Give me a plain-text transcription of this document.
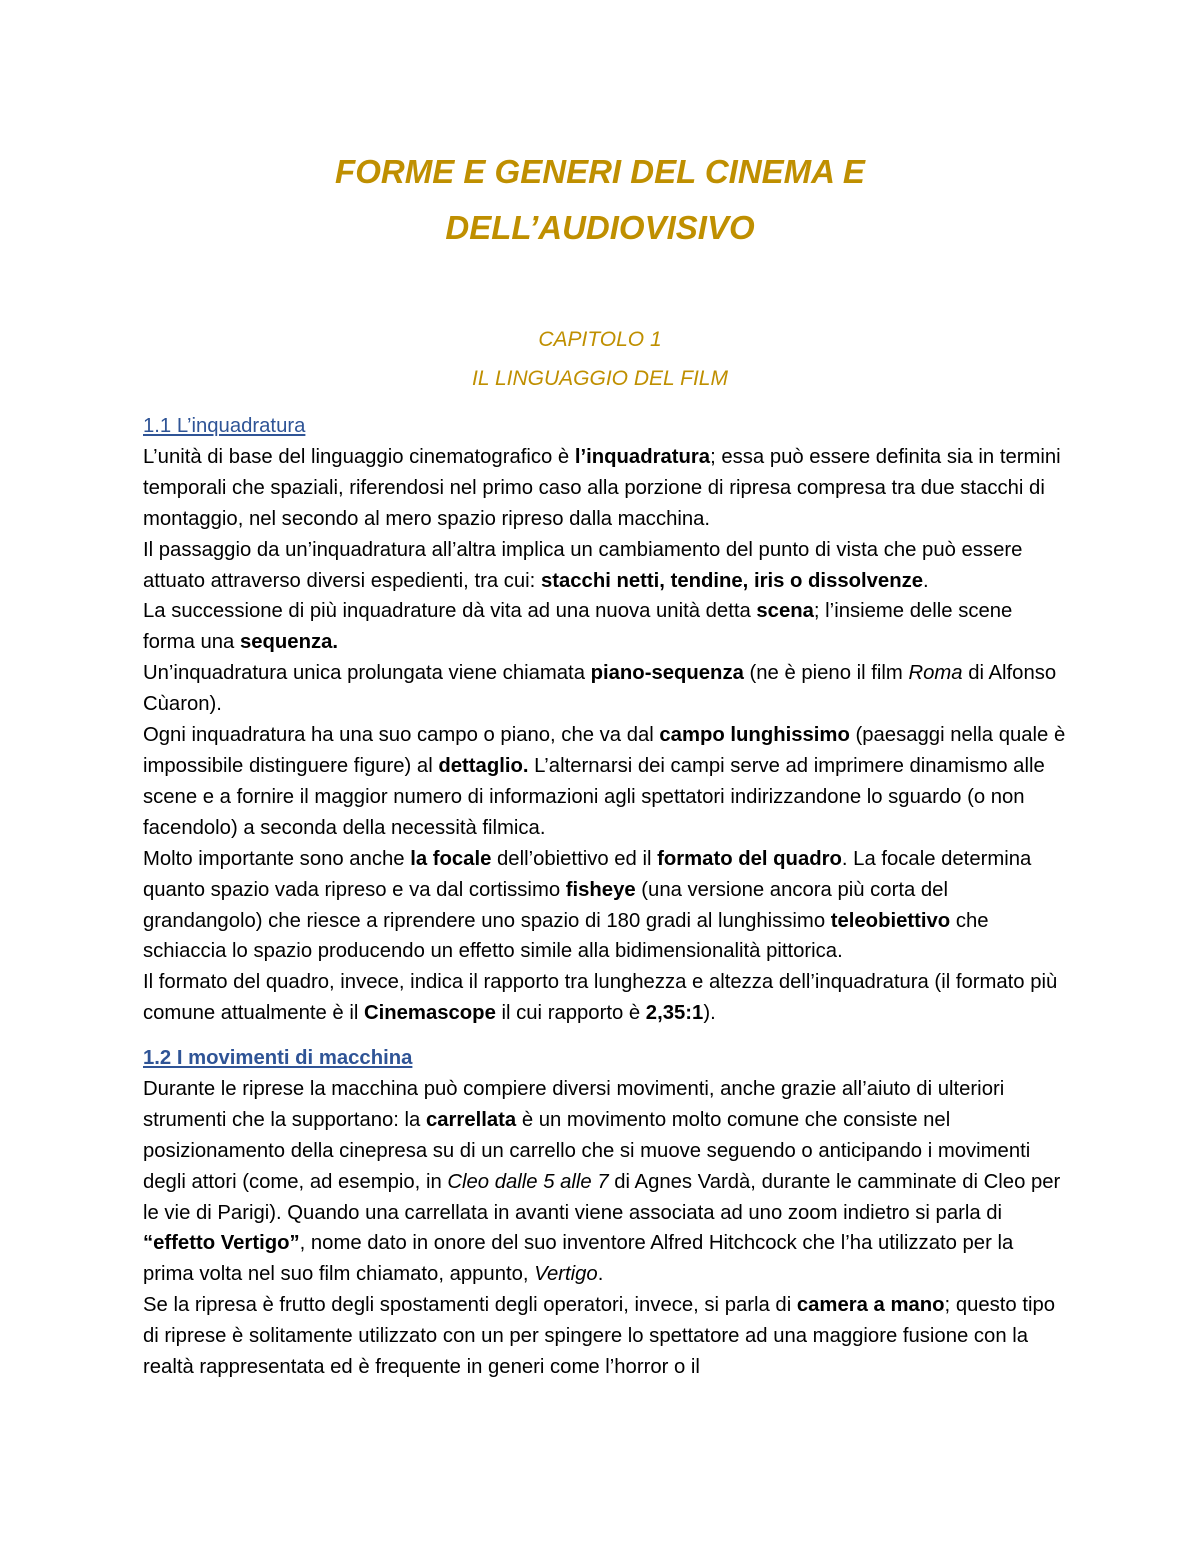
FORME E GENERI DEL CINEMA E
DELL’AUDIOVISIVO
CAPITOLO 1
IL LINGUAGGIO DEL FILM
1.1 L’inquadratura

L’unità di base del linguaggio cinematografico è l’inquadratura; essa può essere definita sia in termini temporali che spaziali, riferendosi nel primo caso alla porzione di ripresa compresa tra due stacchi di montaggio, nel secondo al mero spazio ripreso dalla macchina.

Il passaggio da un’inquadratura all’altra implica un cambiamento del punto di vista che può essere attuato attraverso diversi espedienti, tra cui: stacchi netti, tendine, iris o dissolvenze.

La successione di più inquadrature dà vita ad una nuova unità detta scena; l’insieme delle scene forma una sequenza.

Un’inquadratura unica prolungata viene chiamata piano-sequenza (ne è pieno il film Roma di Alfonso Cùaron).

Ogni inquadratura ha una suo campo o piano, che va dal campo lunghissimo (paesaggi nella quale è impossibile distinguere figure) al dettaglio. L’alternarsi dei campi serve ad imprimere dinamismo alle scene e a fornire il maggior numero di informazioni agli spettatori indirizzandone lo sguardo (o non facendolo) a seconda della necessità filmica.

Molto importante sono anche la focale dell’obiettivo ed il formato del quadro. La focale determina quanto spazio vada ripreso e va dal cortissimo fisheye (una versione ancora più corta del grandangolo) che riesce a riprendere uno spazio di 180 gradi al lunghissimo teleobiettivo che schiaccia lo spazio producendo un effetto simile alla bidimensionalità pittorica.

Il formato del quadro, invece, indica il rapporto tra lunghezza e altezza dell’inquadratura (il formato più comune attualmente è il Cinemascope il cui rapporto è 2,35:1).

1.2 I movimenti di macchina

Durante le riprese la macchina può compiere diversi movimenti, anche grazie all’aiuto di ulteriori strumenti che la supportano: la carrellata è un movimento molto comune che consiste nel posizionamento della cinepresa su di un carrello che si muove seguendo o anticipando i movimenti degli attori (come, ad esempio, in Cleo dalle 5 alle 7 di Agnes Vardà, durante le camminate di Cleo per le vie di Parigi). Quando una carrellata in avanti viene associata ad uno zoom indietro si parla di “effetto Vertigo”, nome dato in onore del suo inventore Alfred Hitchcock che l’ha utilizzato per la prima volta nel suo film chiamato, appunto, Vertigo.

Se la ripresa è frutto degli spostamenti degli operatori, invece, si parla di camera a mano; questo tipo di riprese è solitamente utilizzato con un per spingere lo spettatore ad una maggiore fusione con la realtà rappresentata ed è frequente in generi come l’horror o il
